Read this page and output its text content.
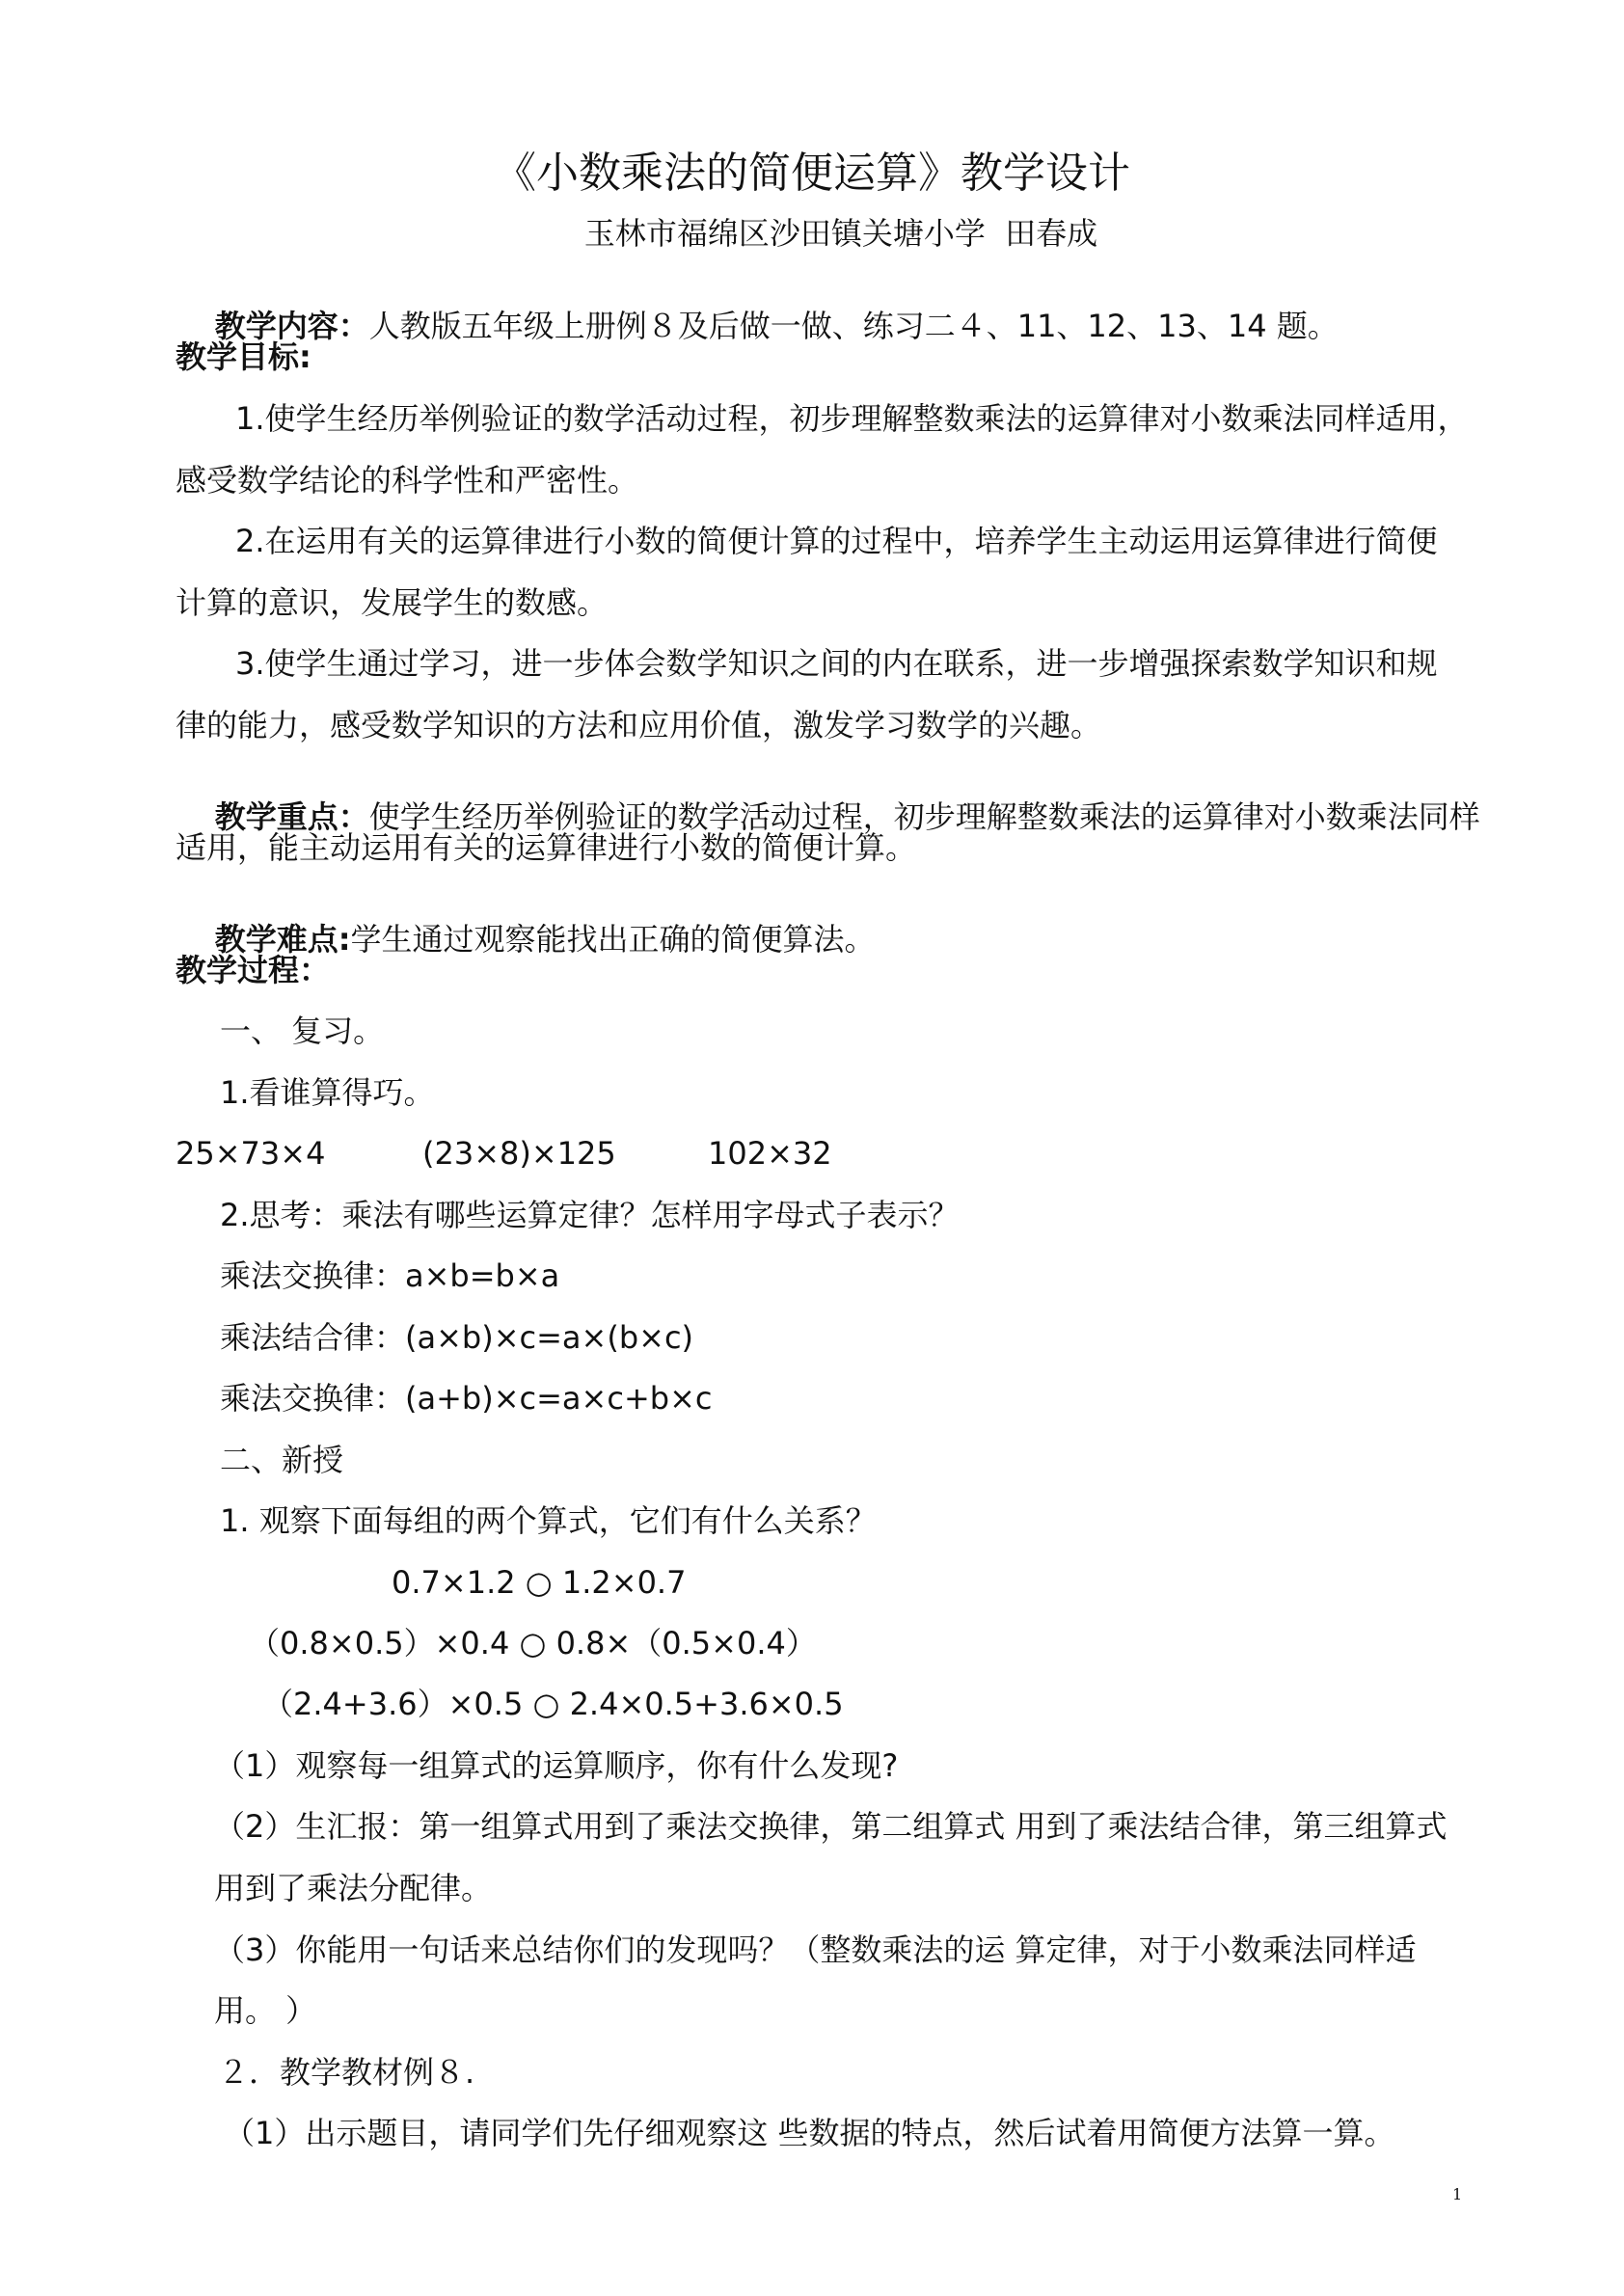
《小数乘法的简便运算》教学设计
玉林市福绵区沙田镇关塘小学  田春成

教学内容：人教版五年级上册例８及后做一做、练习二４、11、12、13、14 题。

教学目标:
1.使学生经历举例验证的数学活动过程，初步理解整数乘法的运算律对小数乘法同样适用，
感受数学结论的科学性和严密性。
2.在运用有关的运算律进行小数的简便计算的过程中，培养学生主动运用运算律进行简便
计算的意识，发展学生的数感。
3.使学生通过学习，进一步体会数学知识之间的内在联系，进一步增强探索数学知识和规
律的能力，感受数学知识的方法和应用价值，激发学习数学的兴趣。

教学重点：使学生经历举例验证的数学活动过程，初步理解整数乘法的运算律对小数乘法同样

适用，能主动运用有关的运算律进行小数的简便计算。

教学难点:学生通过观察能找出正确的简便算法。

教学过程：
一、 复习。
1.看谁算得巧。
25×73×4	(23×8)×125	102×32
2.思考：乘法有哪些运算定律？怎样用字母式子表示？
乘法交换律：a×b=b×a
乘法结合律：(a×b)×c=a×(b×c)
乘法交换律：(a+b)×c=a×c+b×c
二、新授
1. 观察下面每组的两个算式，它们有什么关系？
0.7×1.2 ○ 1.2×0.7
（0.8×0.5）×0.4 ○ 0.8×（0.5×0.4）
（2.4+3.6）×0.5 ○ 2.4×0.5+3.6×0.5
（1）观察每一组算式的运算顺序，你有什么发现?
（2）生汇报：第一组算式用到了乘法交换律，第二组算式 用到了乘法结合律，第三组算式
用到了乘法分配律。
（3）你能用一句话来总结你们的发现吗？（整数乘法的运 算定律，对于小数乘法同样适
用。 ）
２．教学教材例８.
（1）出示题目，请同学们先仔细观察这 些数据的特点，然后试着用简便方法算一算。
1
